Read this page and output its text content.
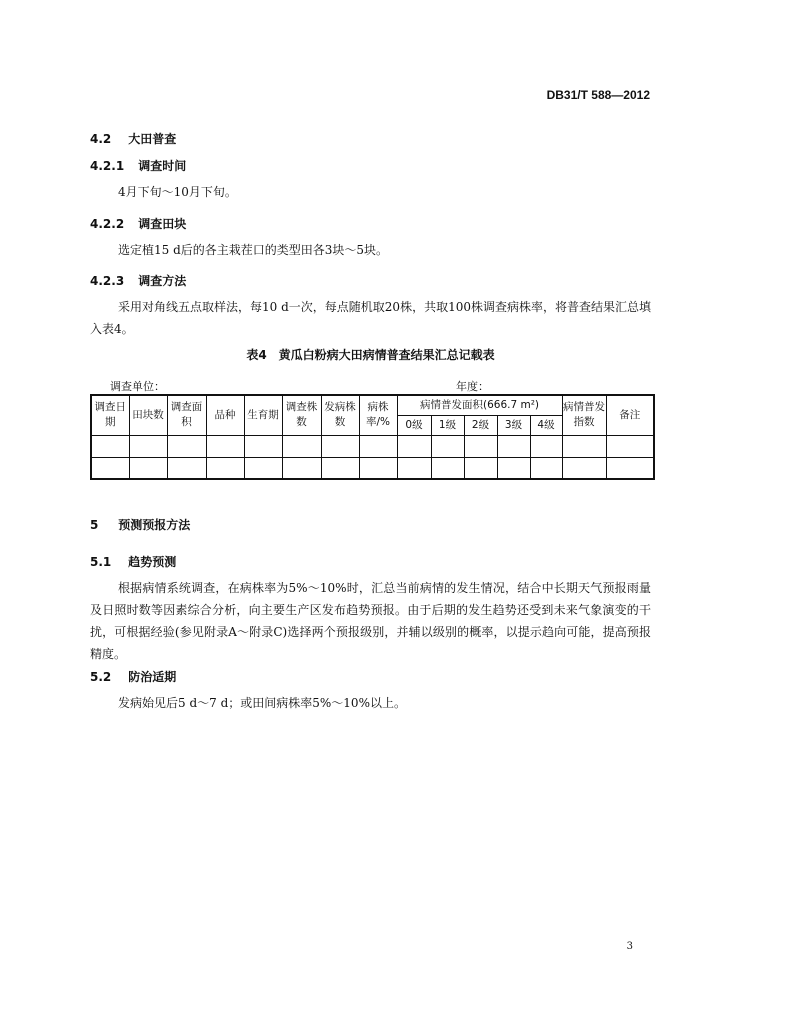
DB31/T 588—2012
4.2 大田普查
4.2.1 调查时间
4月下旬～10月下旬。
4.2.2 调查田块
选定植15 d后的各主栽茬口的类型田各3块～5块。
4.2.3 调查方法
采用对角线五点取样法，每10 d一次，每点随机取20株，共取100株调查病株率，将普查结果汇总填入表4。
表4　黄瓜白粉病大田病情普查结果汇总记载表
调查单位：	年度：
调查日期	田块数	调查面积	品种	生育期	调查株数	发病株数	病株率/%	病情普发面积(666.7 m²)					病情普发指数	备注
								0级	1级	2级	3级	4级		

5 预测预报方法
5.1 趋势预测
根据病情系统调查，在病株率为5%～10%时，汇总当前病情的发生情况，结合中长期天气预报雨量及日照时数等因素综合分析，向主要生产区发布趋势预报。由于后期的发生趋势还受到未来气象演变的干扰，可根据经验(参见附录A～附录C)选择两个预报级别，并辅以级别的概率，以提示趋向可能，提高预报精度。
5.2 防治适期
发病始见后5 d～7 d；或田间病株率5%～10%以上。
3
